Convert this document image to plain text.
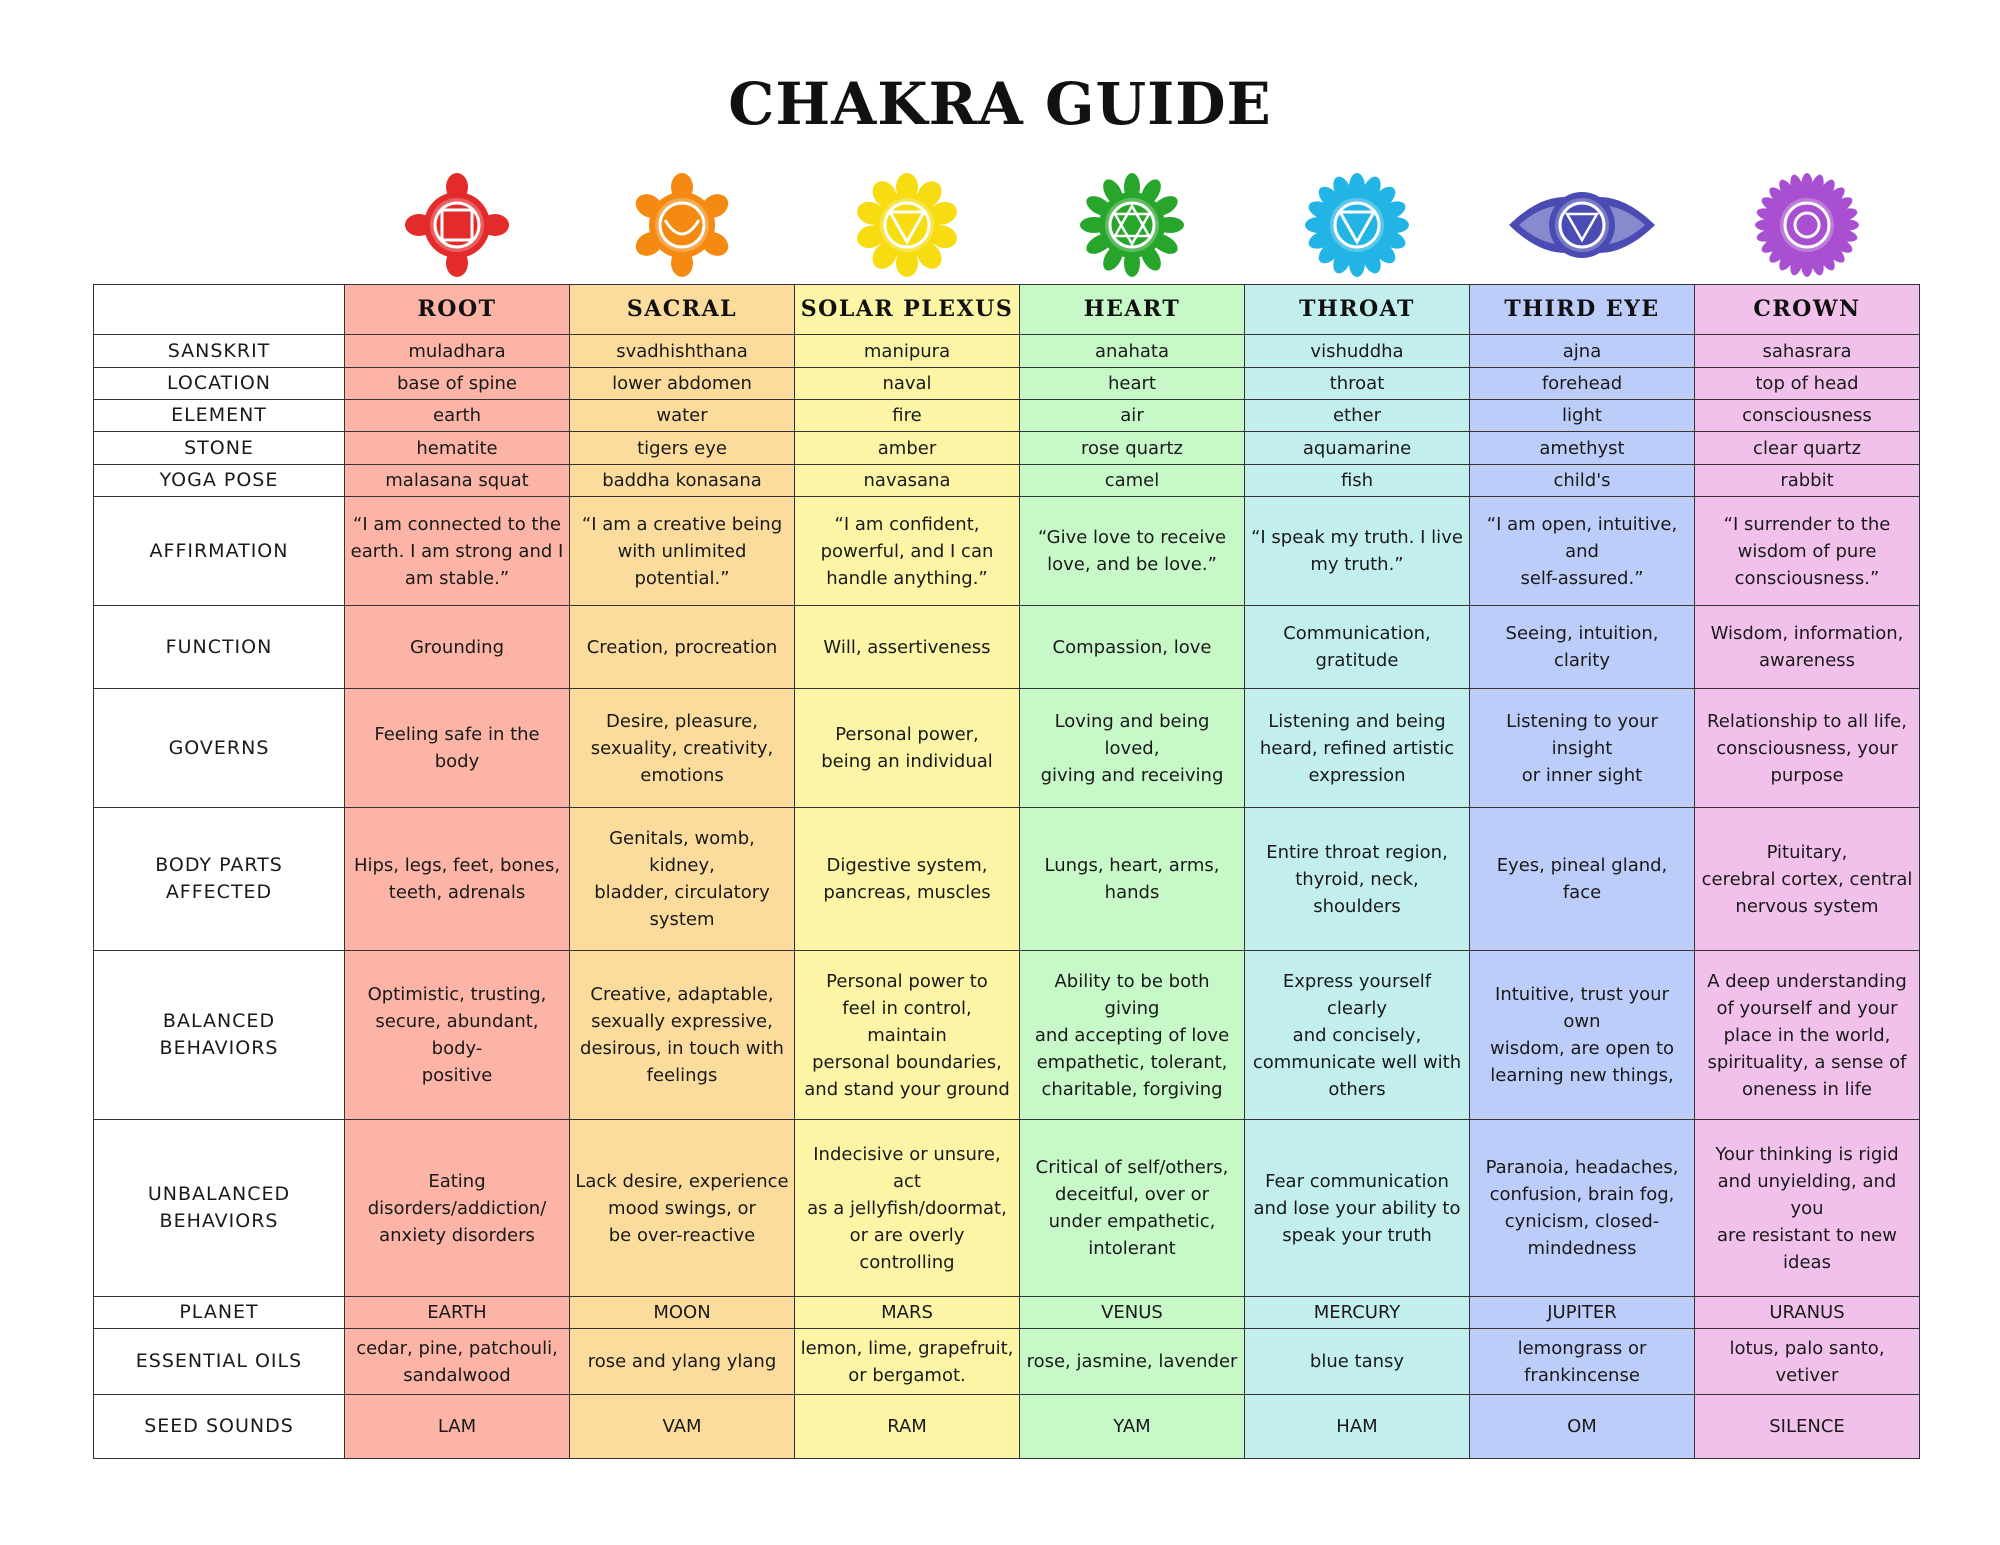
CHAKRA GUIDE
	ROOT	SACRAL	SOLAR PLEXUS	HEART	THROAT	THIRD EYE	CROWN
SANSKRIT	muladhara	svadhishthana	manipura	anahata	vishuddha	ajna	sahasrara
LOCATION	base of spine	lower abdomen	naval	heart	throat	forehead	top of head
ELEMENT	earth	water	fire	air	ether	light	consciousness
STONE	hematite	tigers eye	amber	rose quartz	aquamarine	amethyst	clear quartz
YOGA POSE	malasana squat	baddha konasana	navasana	camel	fish	child's	rabbit
AFFIRMATION	“I am connected to the
earth. I am strong and I
am stable.”	“I am a creative being
with unlimited potential.”	“I am confident,
powerful, and I can
handle anything.”	“Give love to receive
love, and be love.”	“I speak my truth. I live
my truth.”	“I am open, intuitive, and
self-assured.”	“I surrender to the
wisdom of pure
consciousness.”
FUNCTION	Grounding	Creation, procreation	Will, assertiveness	Compassion, love	Communication,
gratitude	Seeing, intuition, clarity	Wisdom, information,
awareness
GOVERNS	Feeling safe in the body	Desire, pleasure,
sexuality, creativity,
emotions	Personal power,
being an individual	Loving and being loved,
giving and receiving	Listening and being
heard, refined artistic
expression	Listening to your insight
or inner sight	Relationship to all life,
consciousness, your
purpose
BODY PARTS
AFFECTED	Hips, legs, feet, bones,
teeth, adrenals	Genitals, womb, kidney,
bladder, circulatory
system	Digestive system,
pancreas, muscles	Lungs, heart, arms, hands	Entire throat region,
thyroid, neck, shoulders	Eyes, pineal gland, face	Pituitary,
cerebral cortex, central
nervous system
BALANCED
BEHAVIORS	Optimistic, trusting,
secure, abundant, body-
positive	Creative, adaptable,
sexually expressive,
desirous, in touch with
feelings	Personal power to
feel in control, maintain
personal boundaries,
and stand your ground	Ability to be both giving
and accepting of love
empathetic, tolerant,
charitable, forgiving	Express yourself clearly
and concisely,
communicate well with
others	Intuitive, trust your own
wisdom, are open to
learning new things,	A deep understanding
of yourself and your
place in the world,
spirituality, a sense of
oneness in life
UNBALANCED
BEHAVIORS	Eating
disorders/addiction/
anxiety disorders	Lack desire, experience
mood swings, or
be over-reactive	Indecisive or unsure, act
as a jellyfish/doormat,
or are overly controlling	Critical of self/others,
deceitful, over or
under empathetic,
intolerant	Fear communication
and lose your ability to
speak your truth	Paranoia, headaches,
confusion, brain fog,
cynicism, closed-
mindedness	Your thinking is rigid
and unyielding, and you
are resistant to new
ideas
PLANET	EARTH	MOON	MARS	VENUS	MERCURY	JUPITER	URANUS
ESSENTIAL OILS	cedar, pine, patchouli,
sandalwood	rose and ylang ylang	lemon, lime, grapefruit,
or bergamot.	rose, jasmine, lavender	blue tansy	lemongrass or
frankincense	lotus, palo santo, vetiver
SEED SOUNDS	LAM	VAM	RAM	YAM	HAM	OM	SILENCE
